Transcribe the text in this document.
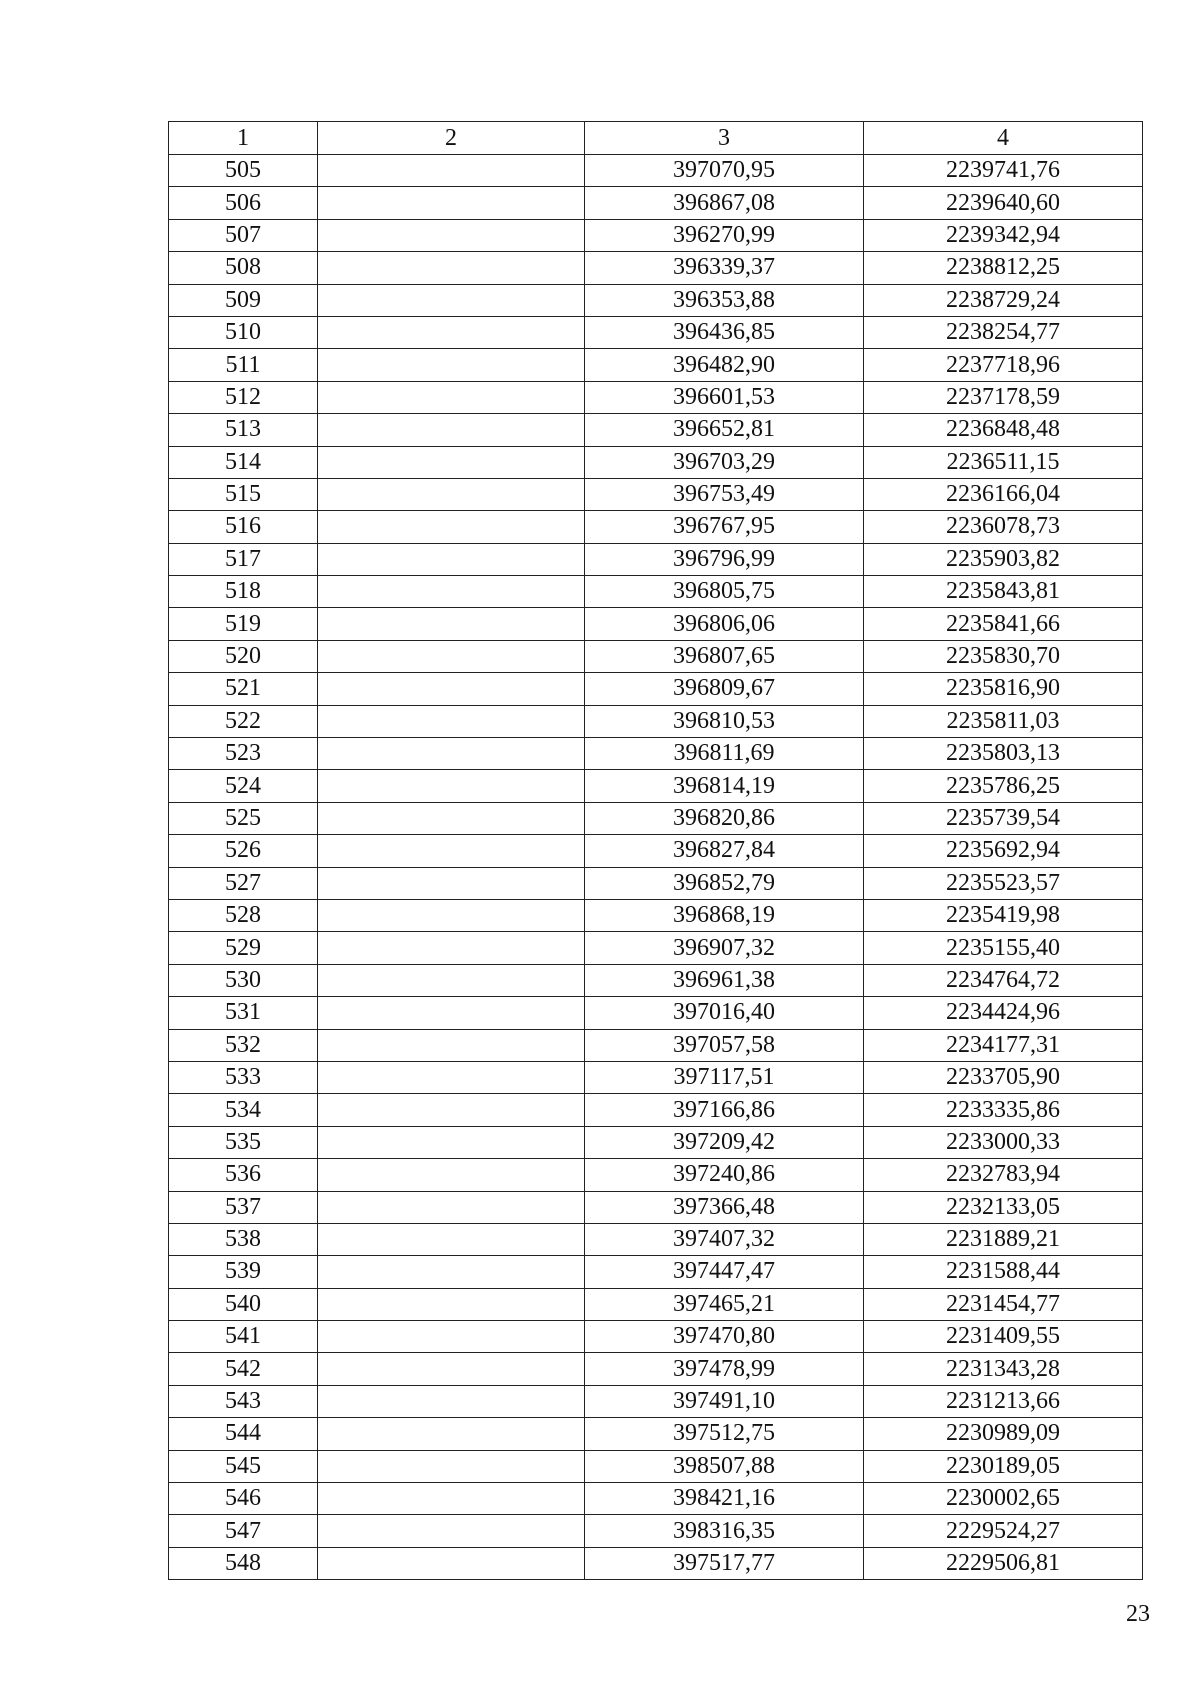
1	2	3	4
505		397070,95	2239741,76
506		396867,08	2239640,60
507		396270,99	2239342,94
508		396339,37	2238812,25
509		396353,88	2238729,24
510		396436,85	2238254,77
511		396482,90	2237718,96
512		396601,53	2237178,59
513		396652,81	2236848,48
514		396703,29	2236511,15
515		396753,49	2236166,04
516		396767,95	2236078,73
517		396796,99	2235903,82
518		396805,75	2235843,81
519		396806,06	2235841,66
520		396807,65	2235830,70
521		396809,67	2235816,90
522		396810,53	2235811,03
523		396811,69	2235803,13
524		396814,19	2235786,25
525		396820,86	2235739,54
526		396827,84	2235692,94
527		396852,79	2235523,57
528		396868,19	2235419,98
529		396907,32	2235155,40
530		396961,38	2234764,72
531		397016,40	2234424,96
532		397057,58	2234177,31
533		397117,51	2233705,90
534		397166,86	2233335,86
535		397209,42	2233000,33
536		397240,86	2232783,94
537		397366,48	2232133,05
538		397407,32	2231889,21
539		397447,47	2231588,44
540		397465,21	2231454,77
541		397470,80	2231409,55
542		397478,99	2231343,28
543		397491,10	2231213,66
544		397512,75	2230989,09
545		398507,88	2230189,05
546		398421,16	2230002,65
547		398316,35	2229524,27
548		397517,77	2229506,81
23
